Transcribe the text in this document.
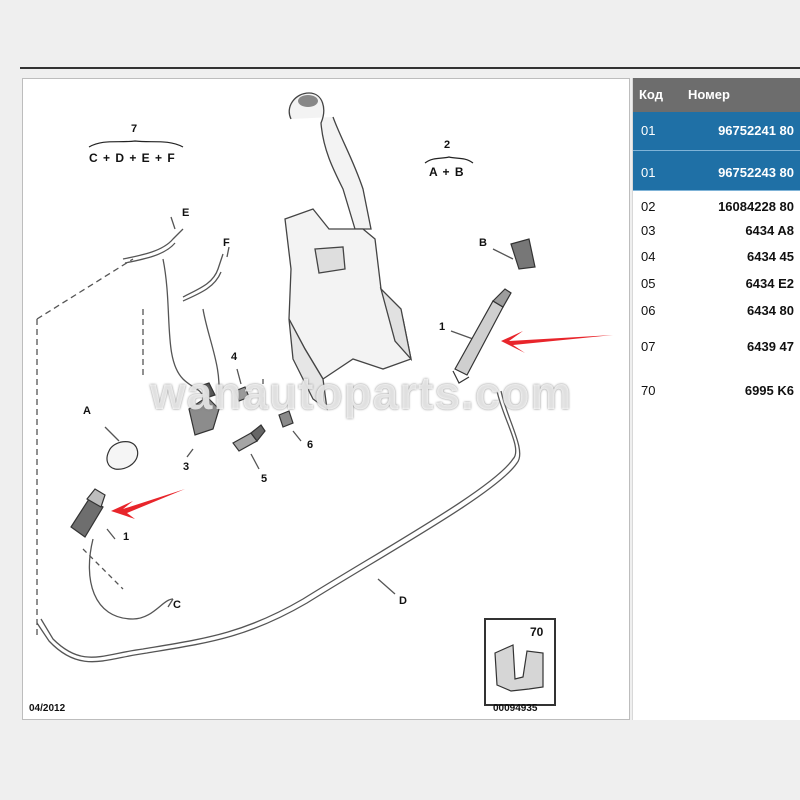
7
C + D + E + F
2
A + B
E
F	B
1
4
A
3
6
5
1
C	D
70
00094935
04/2012
wanautoparts.com
Код Номер
01	96752241 80
01	96752243 80
02	16084228 80
03	6434 A8
04	6434 45
05	6434 E2
06	6434 80
07	6439 47
70	6995 K6
